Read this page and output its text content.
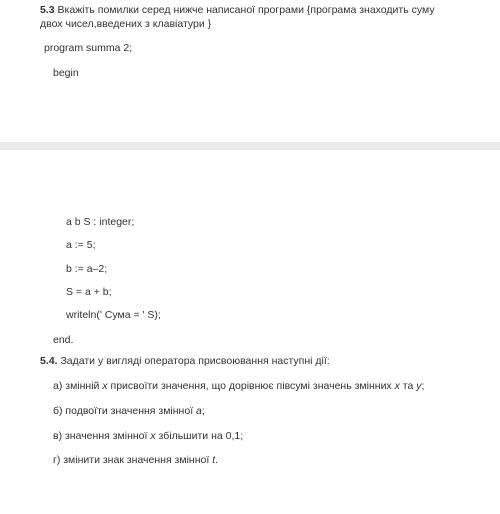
5.3 Вкажіть помилки серед нижче написаної програми {програма знаходить суму двох чисел,введених з клавіатури }
program summa 2;
begin
a b S : integer;
a := 5;
b := a–2;
S = a + b;
writeln(' Сума = ' S);
end.
5.4. Задати у вигляді оператора присвоювання наступні дії:
а) змінній x присвоїти значення, що дорівнює півсумі значень змінних x та y;
б) подвоїти значення змінної a;
в) значення змінної x збільшити на 0,1;
г) змінити знак значення змінної t.
